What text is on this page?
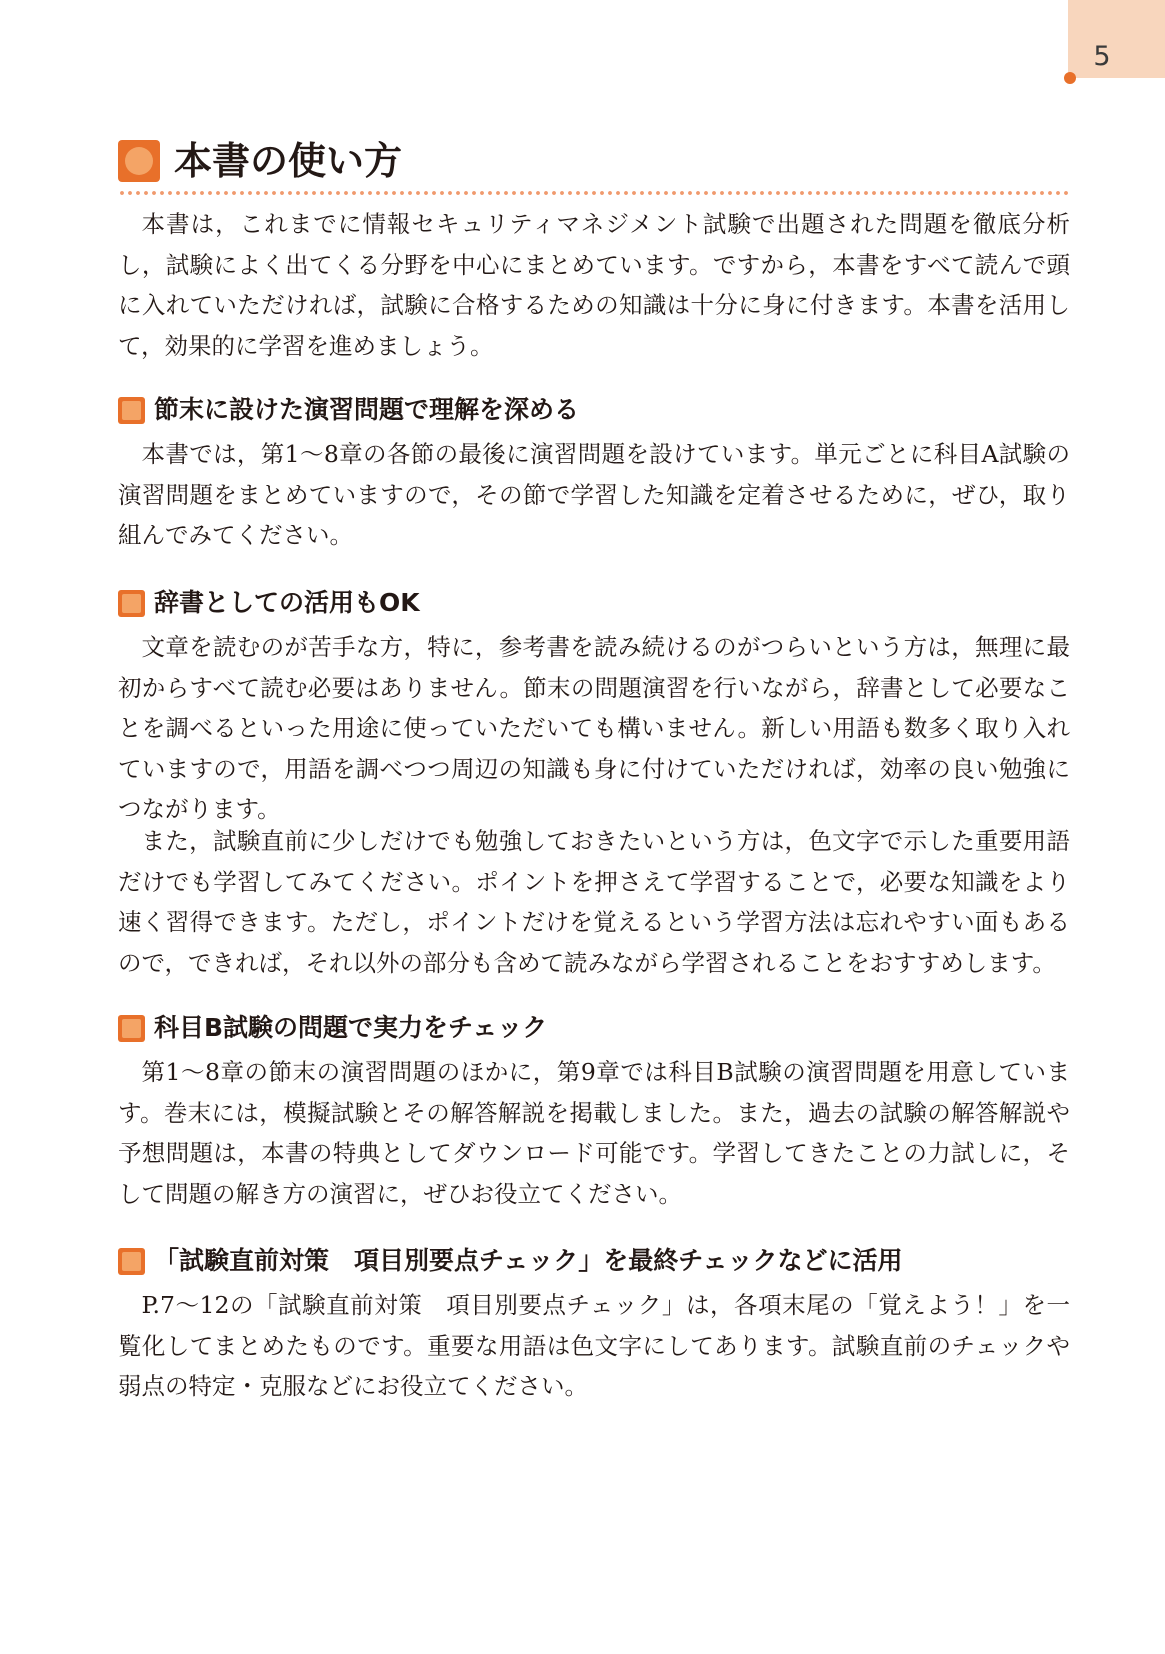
5
本書の使い方

本書は，これまでに情報セキュリティマネジメント試験で出題された問題を徹底分析し，試験によく出てくる分野を中心にまとめています。ですから，本書をすべて読んで頭に入れていただければ，試験に合格するための知識は十分に身に付きます。本書を活用して，効果的に学習を進めましょう。

節末に設けた演習問題で理解を深める

本書では，第1～8章の各節の最後に演習問題を設けています。単元ごとに科目A試験の演習問題をまとめていますので，その節で学習した知識を定着させるために，ぜひ，取り組んでみてください。

辞書としての活用もOK

文章を読むのが苦手な方，特に，参考書を読み続けるのがつらいという方は，無理に最初からすべて読む必要はありません。節末の問題演習を行いながら，辞書として必要なことを調べるといった用途に使っていただいても構いません。新しい用語も数多く取り入れていますので，用語を調べつつ周辺の知識も身に付けていただければ，効率の良い勉強につながります。

また，試験直前に少しだけでも勉強しておきたいという方は，色文字で示した重要用語だけでも学習してみてください。ポイントを押さえて学習することで，必要な知識をより速く習得できます。ただし，ポイントだけを覚えるという学習方法は忘れやすい面もあるので，できれば，それ以外の部分も含めて読みながら学習されることをおすすめします。

科目B試験の問題で実力をチェック

第1～8章の節末の演習問題のほかに，第9章では科目B試験の演習問題を用意しています。巻末には，模擬試験とその解答解説を掲載しました。また，過去の試験の解答解説や予想問題は，本書の特典としてダウンロード可能です。学習してきたことの力試しに，そして問題の解き方の演習に，ぜひお役立てください。

「試験直前対策　項目別要点チェック」を最終チェックなどに活用

P.7～12の「試験直前対策　項目別要点チェック」は，各項末尾の「覚えよう！」を一覧化してまとめたものです。重要な用語は色文字にしてあります。試験直前のチェックや弱点の特定・克服などにお役立てください。
